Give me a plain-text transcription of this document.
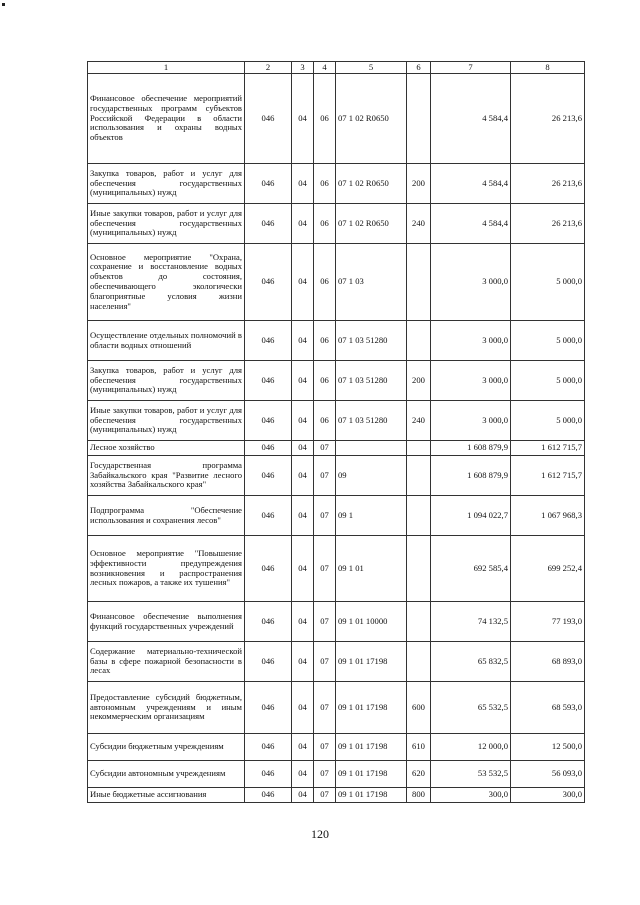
1	2	3	4	5	6	7	8
Финансовое обеспечение мероприятий государственных программ субъектов Российской Федерации в области использования и охраны водных объектов	046	04	06	07 1 02 R0650		4 584,4	26 213,6
Закупка товаров, работ и услуг для обеспечения государственных (муниципальных) нужд	046	04	06	07 1 02 R0650	200	4 584,4	26 213,6
Иные закупки товаров, работ и услуг для обеспечения государственных (муниципальных) нужд	046	04	06	07 1 02 R0650	240	4 584,4	26 213,6
Основное мероприятие "Охрана, сохранение и восстановление водных объектов до состояния, обеспечивающего экологически благоприятные условия жизни населения"	046	04	06	07 1 03		3 000,0	5 000,0
Осуществление отдельных полномочий в области водных отношений	046	04	06	07 1 03 51280		3 000,0	5 000,0
Закупка товаров, работ и услуг для обеспечения государственных (муниципальных) нужд	046	04	06	07 1 03 51280	200	3 000,0	5 000,0
Иные закупки товаров, работ и услуг для обеспечения государственных (муниципальных) нужд	046	04	06	07 1 03 51280	240	3 000,0	5 000,0
Лесное хозяйство	046	04	07			1 608 879,9	1 612 715,7
Государственная программа Забайкальского края "Развитие лесного хозяйства Забайкальского края"	046	04	07	09		1 608 879,9	1 612 715,7
Подпрограмма "Обеспечение использования и сохранения лесов"	046	04	07	09 1		1 094 022,7	1 067 968,3
Основное мероприятие "Повышение эффективности предупреждения возникновения и распространения лесных пожаров, а также их тушения"	046	04	07	09 1 01		692 585,4	699 252,4
Финансовое обеспечение выполнения функций государственных учреждений	046	04	07	09 1 01 10000		74 132,5	77 193,0
Содержание материально-технической базы в сфере пожарной безопасности в лесах	046	04	07	09 1 01 17198		65 832,5	68 893,0
Предоставление субсидий бюджетным, автономным учреждениям и иным некоммерческим организациям	046	04	07	09 1 01 17198	600	65 532,5	68 593,0
Субсидии бюджетным учреждениям	046	04	07	09 1 01 17198	610	12 000,0	12 500,0
Субсидии автономным учреждениям	046	04	07	09 1 01 17198	620	53 532,5	56 093,0
Иные бюджетные ассигнования	046	04	07	09 1 01 17198	800	300,0	300,0
120
